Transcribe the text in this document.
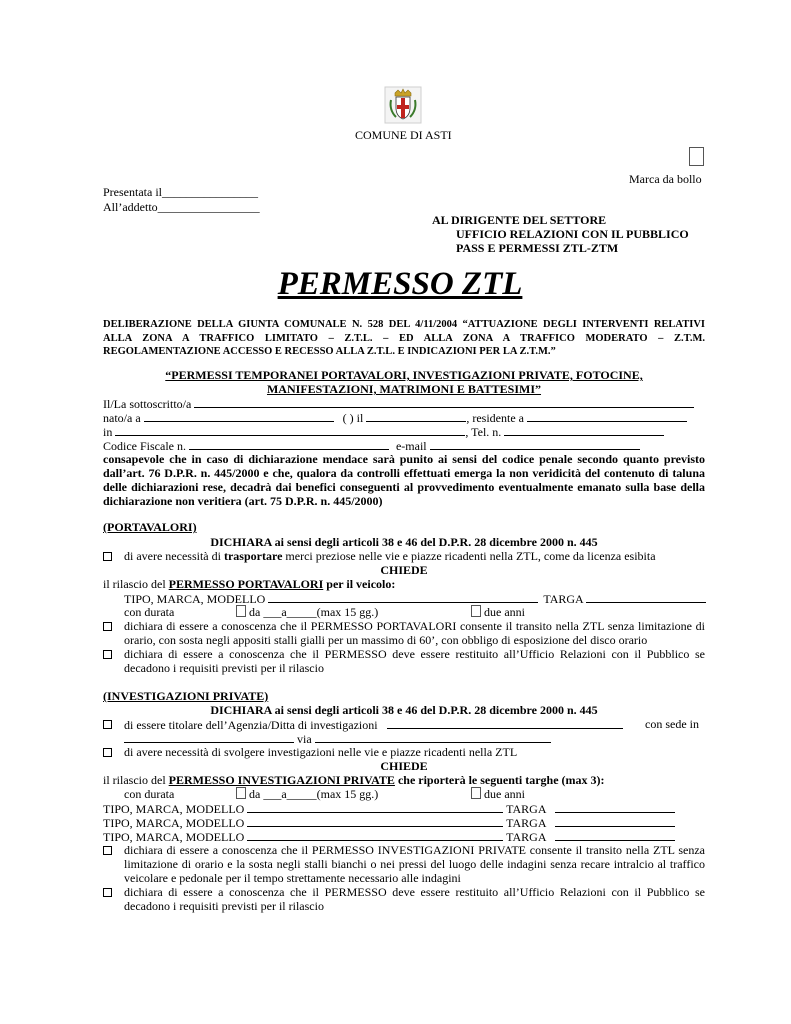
COMUNE DI ASTI
Marca da bollo
Presentata il________________
All’addetto_________________
AL DIRIGENTE DEL SETTORE
UFFICIO RELAZIONI CON IL PUBBLICO
PASS E PERMESSI ZTL-ZTM
PERMESSO ZTL
DELIBERAZIONE DELLA GIUNTA COMUNALE N. 528 DEL 4/11/2004 “ATTUAZIONE DEGLI INTERVENTI RELATIVI ALLA ZONA A TRAFFICO LIMITATO – Z.T.L. – ED ALLA ZONA A TRAFFICO MODERATO – Z.T.M. REGOLAMENTAZIONE ACCESSO E RECESSO ALLA Z.T.L. E INDICAZIONI PER LA Z.T.M.”
“PERMESSI TEMPORANEI PORTAVALORI, INVESTIGAZIONI PRIVATE, FOTOCINE,
MANIFESTAZIONI, MATRIMONI E BATTESIMI”
Il/La sottoscritto/a
nato/a a	( ) il	, residente a
in	, Tel. n.
Codice Fiscale n.	e-mail
consapevole che in caso di dichiarazione mendace sarà punito ai sensi del codice penale secondo quanto previsto dall’art. 76 D.P.R. n. 445/2000 e che, qualora da controlli effettuati emerga la non veridicità del contenuto di taluna delle dichiarazioni rese, decadrà dai benefici conseguenti al provvedimento eventualmente emanato sulla base della dichiarazione non veritiera (art. 75 D.P.R. n. 445/2000)
(PORTAVALORI)
DICHIARA ai sensi degli articoli 38 e 46 del D.P.R. 28 dicembre 2000 n. 445
di avere necessità di trasportare merci preziose nelle vie e piazze ricadenti nella ZTL, come da licenza esibita
CHIEDE
il rilascio del PERMESSO PORTAVALORI per il veicolo:
TIPO, MARCA, MODELLO	TARGA
con durata	da ___a_____(max 15 gg.)	due anni
dichiara di essere a conoscenza che il PERMESSO PORTAVALORI consente il transito nella ZTL senza limitazione di orario, con sosta negli appositi stalli gialli per un massimo di 60’, con obbligo di esposizione del disco orario
dichiara di essere a conoscenza che il PERMESSO deve essere restituito all’Ufficio Relazioni con il Pubblico se decadono i requisiti previsti per il rilascio
(INVESTIGAZIONI PRIVATE)
DICHIARA ai sensi degli articoli 38 e 46 del D.P.R. 28 dicembre 2000 n. 445
di essere titolare dell’Agenzia/Ditta di investigazioni	con sede in
via
di avere necessità di svolgere investigazioni nelle vie e piazze ricadenti nella ZTL
CHIEDE
il rilascio del PERMESSO INVESTIGAZIONI PRIVATE che riporterà le seguenti targhe (max 3):
con durata	da ___a_____(max 15 gg.)	due anni
TIPO, MARCA, MODELLO	TARGA
TIPO, MARCA, MODELLO	TARGA
TIPO, MARCA, MODELLO	TARGA
dichiara di essere a conoscenza che il PERMESSO INVESTIGAZIONI PRIVATE consente il transito nella ZTL senza limitazione di orario e la sosta negli stalli bianchi o nei pressi del luogo delle indagini senza recare intralcio al traffico veicolare e pedonale per il tempo strettamente necessario alle indagini
dichiara di essere a conoscenza che il PERMESSO deve essere restituito all’Ufficio Relazioni con il Pubblico se decadono i requisiti previsti per il rilascio
